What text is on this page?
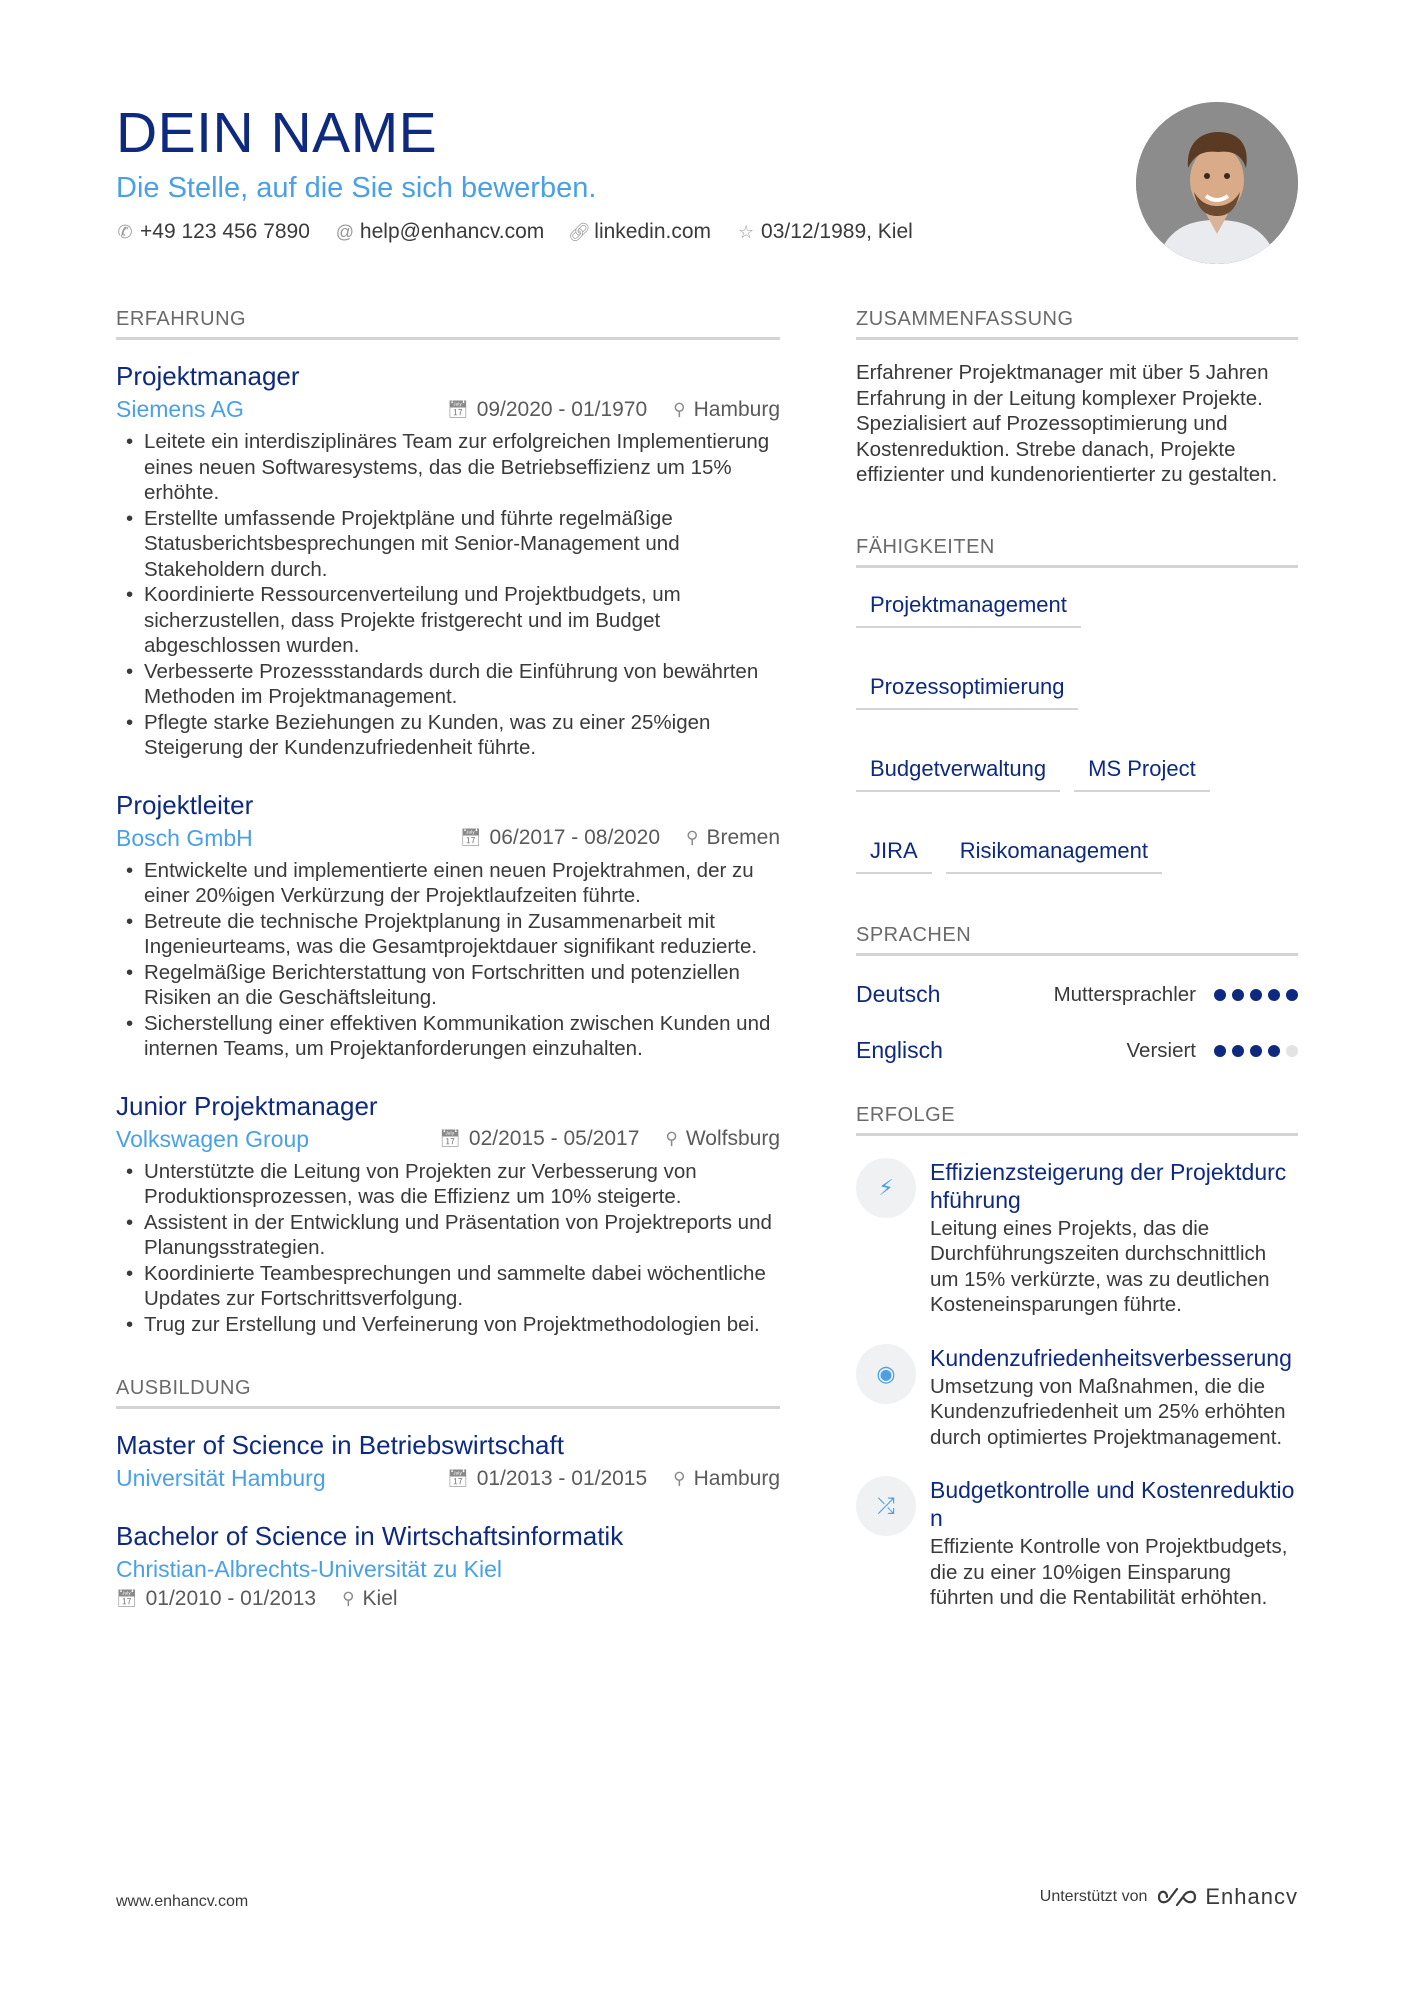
DEIN NAME
Die Stelle, auf die Sie sich bewerben.
✆ +49 123 456 7890 @ help@enhancv.com 🔗︎ linkedin.com ☆ 03/12/1989, Kiel
ERFAHRUNG
Projektmanager
Siemens AG	📅︎ 09/2020 - 01/1970 ⚲ Hamburg
• Leitete ein interdisziplinäres Team zur erfolgreichen Implementierung eines neuen Softwaresystems, das die Betriebseffizienz um 15% erhöhte.
• Erstellte umfassende Projektpläne und führte regelmäßige Statusberichtsbesprechungen mit Senior-Management und Stakeholdern durch.
• Koordinierte Ressourcenverteilung und Projektbudgets, um sicherzustellen, dass Projekte fristgerecht und im Budget abgeschlossen wurden.
• Verbesserte Prozessstandards durch die Einführung von bewährten Methoden im Projektmanagement.
• Pflegte starke Beziehungen zu Kunden, was zu einer 25%igen Steigerung der Kundenzufriedenheit führte.
Projektleiter
Bosch GmbH	📅︎ 06/2017 - 08/2020 ⚲ Bremen
• Entwickelte und implementierte einen neuen Projektrahmen, der zu einer 20%igen Verkürzung der Projektlaufzeiten führte.
• Betreute die technische Projektplanung in Zusammenarbeit mit Ingenieurteams, was die Gesamtprojektdauer signifikant reduzierte.
• Regelmäßige Berichterstattung von Fortschritten und potenziellen Risiken an die Geschäftsleitung.
• Sicherstellung einer effektiven Kommunikation zwischen Kunden und internen Teams, um Projektanforderungen einzuhalten.
Junior Projektmanager
Volkswagen Group	📅︎ 02/2015 - 05/2017 ⚲ Wolfsburg
• Unterstützte die Leitung von Projekten zur Verbesserung von Produktionsprozessen, was die Effizienz um 10% steigerte.
• Assistent in der Entwicklung und Präsentation von Projektreports und Planungsstrategien.
• Koordinierte Teambesprechungen und sammelte dabei wöchentliche Updates zur Fortschrittsverfolgung.
• Trug zur Erstellung und Verfeinerung von Projektmethodologien bei.
AUSBILDUNG
Master of Science in Betriebswirtschaft
Universität Hamburg	📅︎ 01/2013 - 01/2015 ⚲ Hamburg
Bachelor of Science in Wirtschaftsinformatik
Christian-Albrechts-Universität zu Kiel
📅︎ 01/2010 - 01/2013 ⚲ Kiel
ZUSAMMENFASSUNG
Erfahrener Projektmanager mit über 5 Jahren Erfahrung in der Leitung komplexer Projekte. Spezialisiert auf Prozessoptimierung und Kostenreduktion. Strebe danach, Projekte effizienter und kundenorientierter zu gestalten.
FÄHIGKEITEN
Projektmanagement
Prozessoptimierung
Budgetverwaltung	MS Project
JIRA	Risikomanagement
SPRACHEN
Deutsch	Muttersprachler
Englisch	Versiert
ERFOLGE
⚡︎
Effizienzsteigerung der Projektdurchführung
Leitung eines Projekts, das die Durchführungszeiten durchschnittlich um 15% verkürzte, was zu deutlichen Kosteneinsparungen führte.
◉
Kundenzufriedenheitsverbesserung
Umsetzung von Maßnahmen, die die Kundenzufriedenheit um 25% erhöhten durch optimiertes Projektmanagement.
⤮
Budgetkontrolle und Kostenreduktion
Effiziente Kontrolle von Projektbudgets, die zu einer 10%igen Einsparung führten und die Rentabilität erhöhten.
www.enhancv.com	Unterstützt von	Enhancv
